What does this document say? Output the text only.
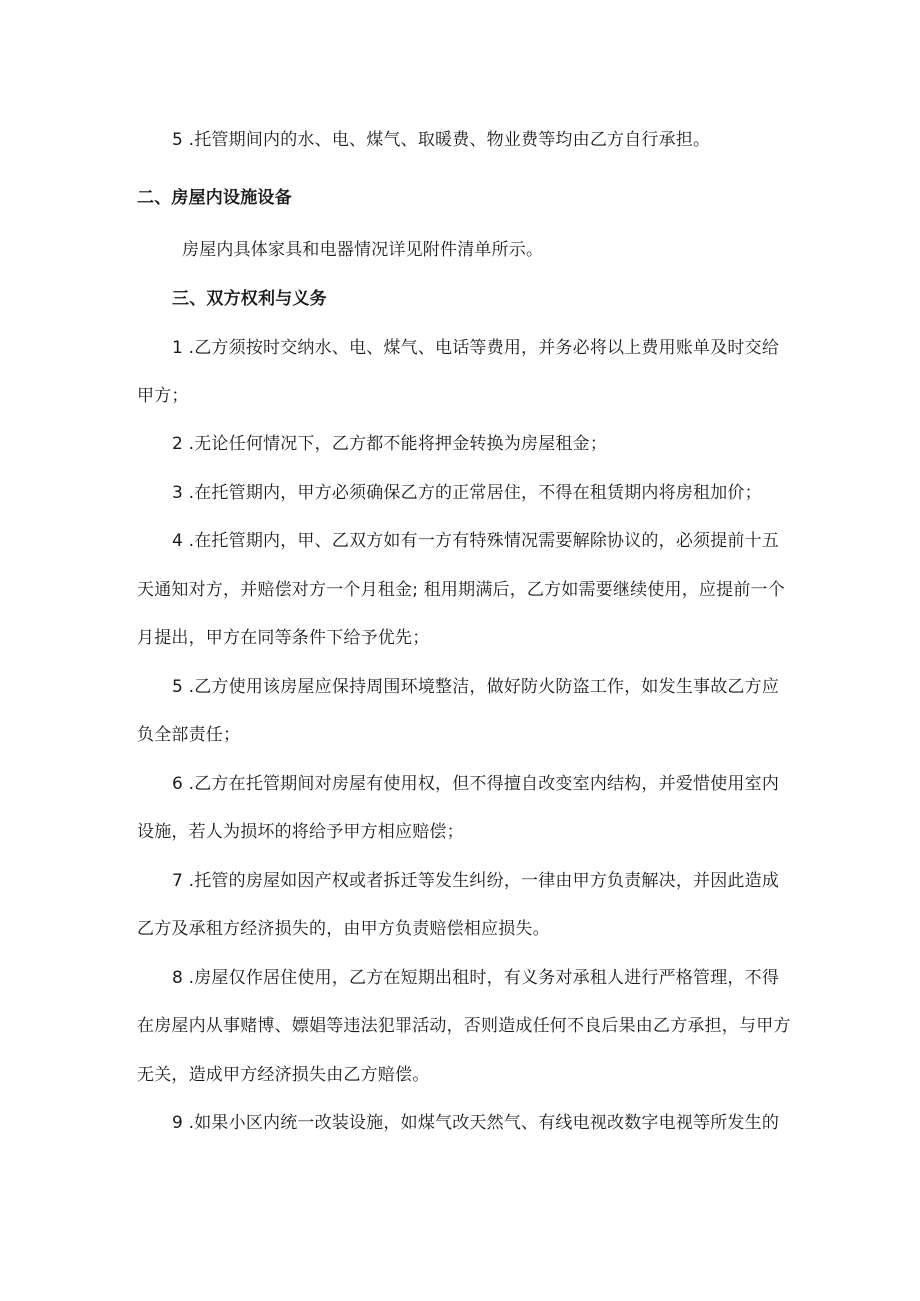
5 .托管期间内的水、电、煤气、取暖费、物业费等均由乙方自行承担。
二、房屋内设施设备
房屋内具体家具和电器情况详见附件清单所示。
三、双方权利与义务
1 .乙方须按时交纳水、电、煤气、电话等费用，并务必将以上费用账单及时交给
甲方；
2 .无论任何情况下，乙方都不能将押金转换为房屋租金；
3 .在托管期内，甲方必须确保乙方的正常居住，不得在租赁期内将房租加价；
4 .在托管期内，甲、乙双方如有一方有特殊情况需要解除协议的，必须提前十五
天通知对方，并赔偿对方一个月租金; 租用期满后，乙方如需要继续使用，应提前一个
月提出，甲方在同等条件下给予优先；
5 .乙方使用该房屋应保持周围环境整洁，做好防火防盗工作，如发生事故乙方应
负全部责任；
6 .乙方在托管期间对房屋有使用权，但不得擅自改变室内结构，并爱惜使用室内
设施，若人为损坏的将给予甲方相应赔偿；
7 .托管的房屋如因产权或者拆迁等发生纠纷，一律由甲方负责解决，并因此造成
乙方及承租方经济损失的，由甲方负责赔偿相应损失。
8 .房屋仅作居住使用，乙方在短期出租时，有义务对承租人进行严格管理，不得
在房屋内从事赌博、嫖娼等违法犯罪活动，否则造成任何不良后果由乙方承担，与甲方
无关，造成甲方经济损失由乙方赔偿。
9 .如果小区内统一改装设施，如煤气改天然气、有线电视改数字电视等所发生的
